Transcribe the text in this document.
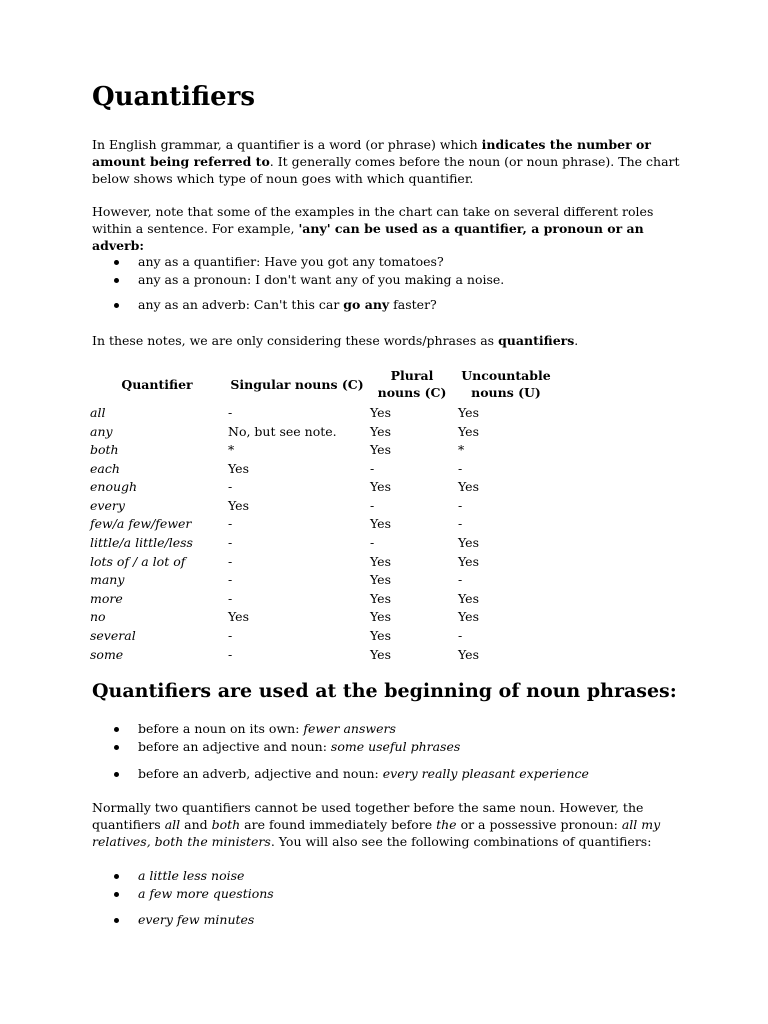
Quantifiers

In English grammar, a quantifier is a word (or phrase) which indicates the number or amount being referred to. It generally comes before the noun (or noun phrase). The chart below shows which type of noun goes with which quantifier.

However, note that some of the examples in the chart can take on several different roles within a sentence. For example, 'any' can be used as a quantifier, a pronoun or an adverb:

any as a quantifier: Have you got any tomatoes?
any as a pronoun: I don't want any of you making a noise.
any as an adverb: Can't this car go any faster?

In these notes, we are only considering these words/phrases as quantifiers.

Quantifier	Singular nouns (C)	Plural nouns (C)	Uncountable nouns (U)
all	-	Yes	Yes
any	No, but see note.	Yes	Yes
both	*	Yes	*
each	Yes	-	-
enough	-	Yes	Yes
every	Yes	-	-
few/a few/fewer	-	Yes	-
little/a little/less	-	-	Yes
lots of / a lot of	-	Yes	Yes
many	-	Yes	-
more	-	Yes	Yes
no	Yes	Yes	Yes
several	-	Yes	-
some	-	Yes	Yes
Quantifiers are used at the beginning of noun phrases:
before a noun on its own: fewer answers
before an adjective and noun: some useful phrases
before an adverb, adjective and noun: every really pleasant experience

Normally two quantifiers cannot be used together before the same noun. However, the quantifiers all and both are found immediately before the or a possessive pronoun: all my relatives, both the ministers. You will also see the following combinations of quantifiers:

a little less noise
a few more questions
every few minutes
